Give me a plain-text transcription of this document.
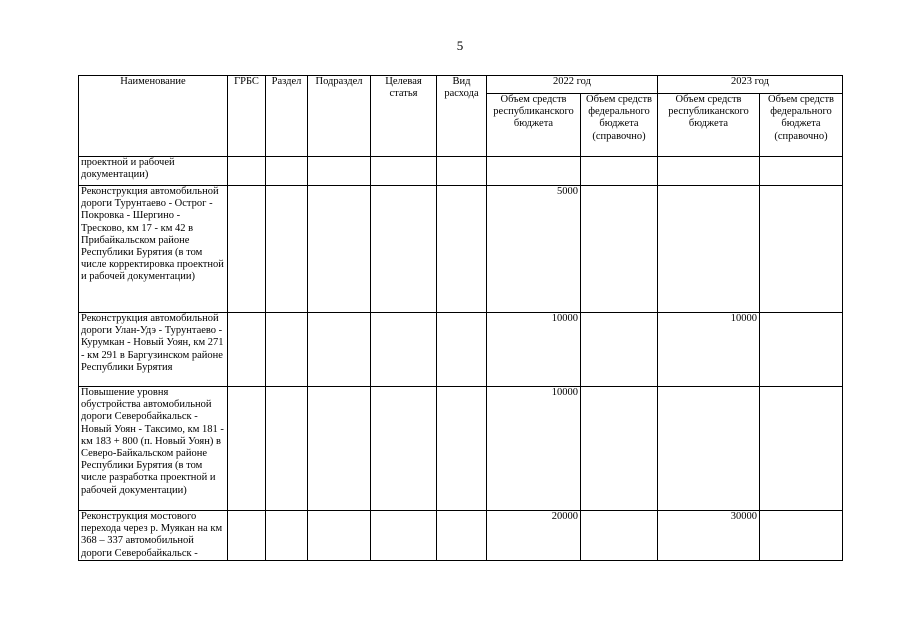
5
Наименование	ГРБС	Раздел	Подраздел	Целевая статья	Вид расхода	2022 год		2023 год	
						Объем средств республиканского бюджета	Объем средств федерального бюджета (справочно)	Объем средств республиканского бюджета	Объем средств федерального бюджета (справочно)
проектной и рабочей документации)									
Реконструкция автомобильной дороги Турунтаево - Острог - Покровка - Шергино - Тресково, км 17 - км 42 в Прибайкальском районе Республики Бурятия (в том числе корректировка проектной и рабочей документации)						5000			
Реконструкция автомобильной дороги Улан-Удэ - Турунтаево - Курумкан - Новый Уоян, км 271 - км 291 в Баргузинском районе Республики Бурятия						10000		10000	
Повышение уровня обустройства автомобильной дороги Северобайкальск - Новый Уоян - Таксимо, км 181 - км 183 + 800 (п. Новый Уоян) в Северо-Байкальском районе Республики Бурятия (в том числе разработка проектной и рабочей документации)						10000			
Реконструкция мостового перехода через р. Муякан на км 368 – 337 автомобильной дороги Северобайкальск -						20000		30000	
